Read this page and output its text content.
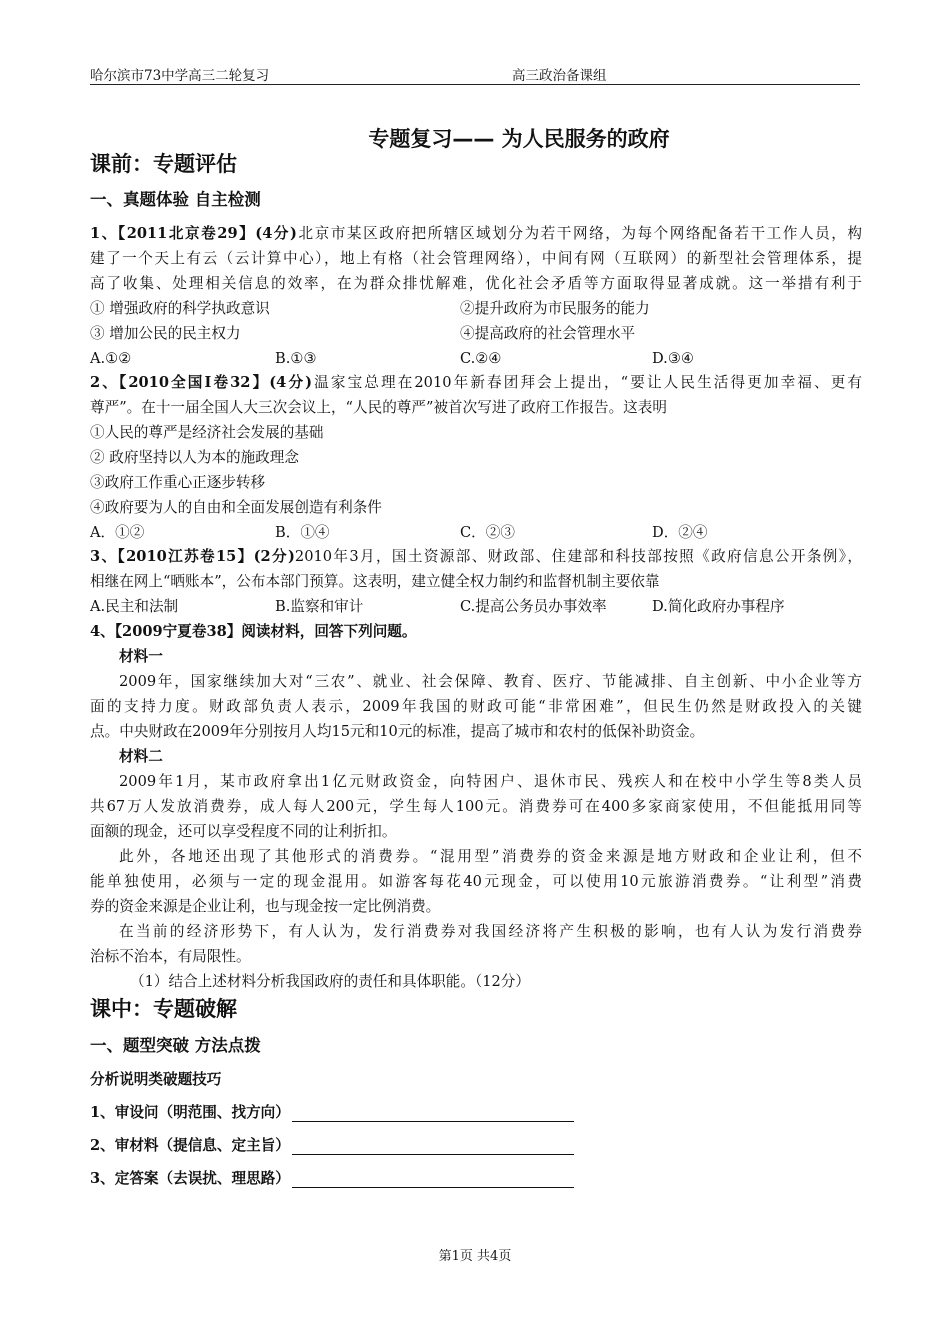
哈尔滨市73中学高三二轮复习	高三政治备课组
专题复习—— 为人民服务的政府
课前：专题评估
一、真题体验 自主检测
1、【2011北京卷29】(4分)北京市某区政府把所辖区域划分为若干网络，为每个网络配备若干工作人员，构
建了一个天上有云（云计算中心），地上有格（社会管理网络），中间有网（互联网）的新型社会管理体系，提
高了收集、处理相关信息的效率，在为群众排忧解难，优化社会矛盾等方面取得显著成就。这一举措有利于
① 增强政府的科学执政意识	②提升政府为市民服务的能力
③ 增加公民的民主权力	④提高政府的社会管理水平
A.①②	B.①③	C.②④	D.③④
2、【2010全国Ⅰ卷32】(4分)温家宝总理在2010年新春团拜会上提出，“要让人民生活得更加幸福、更有
尊严”。在十一届全国人大三次会议上，“人民的尊严”被首次写进了政府工作报告。这表明
①人民的尊严是经济社会发展的基础
② 政府坚持以人为本的施政理念
③政府工作重心正逐步转移
④政府要为人的自由和全面发展创造有利条件
A．①②	B．①④	C．②③	D．②④
3、【2010江苏卷15】(2分)2010年3月，国土资源部、财政部、住建部和科技部按照《政府信息公开条例》，
相继在网上“晒账本”，公布本部门预算。这表明，建立健全权力制约和监督机制主要依靠
A.民主和法制	B.监察和审计	C.提高公务员办事效率	D.简化政府办事程序
4、【2009宁夏卷38】阅读材料，回答下列问题。
材料一
2009年，国家继续加大对“三农”、就业、社会保障、教育、医疗、节能减排、自主创新、中小企业等方
面的支持力度。财政部负责人表示，2009年我国的财政可能“非常困难”，但民生仍然是财政投入的关键
点。中央财政在2009年分别按月人均15元和10元的标准，提高了城市和农村的低保补助资金。
材料二
2009年1月，某市政府拿出1亿元财政资金，向特困户、退休市民、残疾人和在校中小学生等8类人员
共67万人发放消费券，成人每人200元，学生每人100元。消费券可在400多家商家使用，不但能抵用同等
面额的现金，还可以享受程度不同的让利折扣。
此外，各地还出现了其他形式的消费券。“混用型”消费券的资金来源是地方财政和企业让利，但不
能单独使用，必须与一定的现金混用。如游客每花40元现金，可以使用10元旅游消费券。“让利型”消费
券的资金来源是企业让利，也与现金按一定比例消费。
在当前的经济形势下，有人认为，发行消费券对我国经济将产生积极的影响，也有人认为发行消费券
治标不治本，有局限性。
（1）结合上述材料分析我国政府的责任和具体职能。（12分）
课中：专题破解
一、题型突破 方法点拨
分析说明类破题技巧
1、审设问（明范围、找方向）
2、审材料（提信息、定主旨）
3、定答案（去误扰、理思路）
第1页 共4页
